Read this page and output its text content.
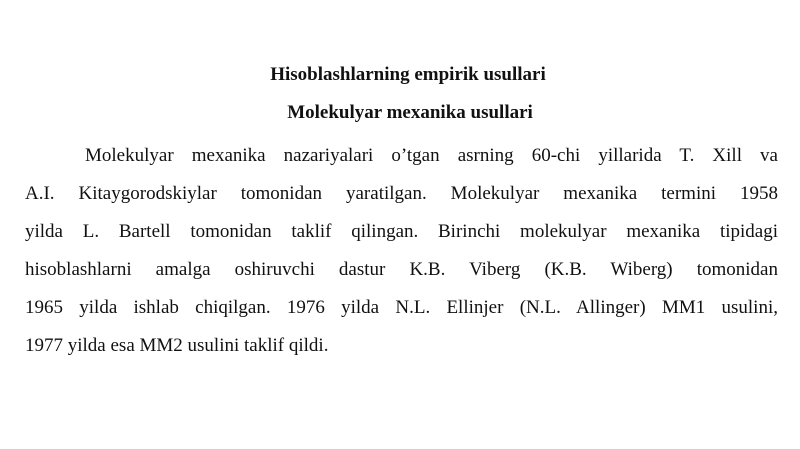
Hisoblashlarning empirik usullari
Molekulyar mexanika usullari
Molekulyar mexanika nazariyalari o’tgan asrning 60-chi yillarida T. Xill va
A.I. Kitaygorodskiylar tomonidan yaratilgan. Molekulyar mexanika termini 1958
yilda L. Bartell tomonidan taklif qilingan. Birinchi molekulyar mexanika tipidagi
hisoblashlarni amalga oshiruvchi dastur K.B. Viberg (K.B. Wiberg) tomonidan
1965 yilda ishlab chiqilgan. 1976 yilda N.L. Ellinjer (N.L. Allinger) MM1 usulini,
1977 yilda esa MM2 usulini taklif qildi.
